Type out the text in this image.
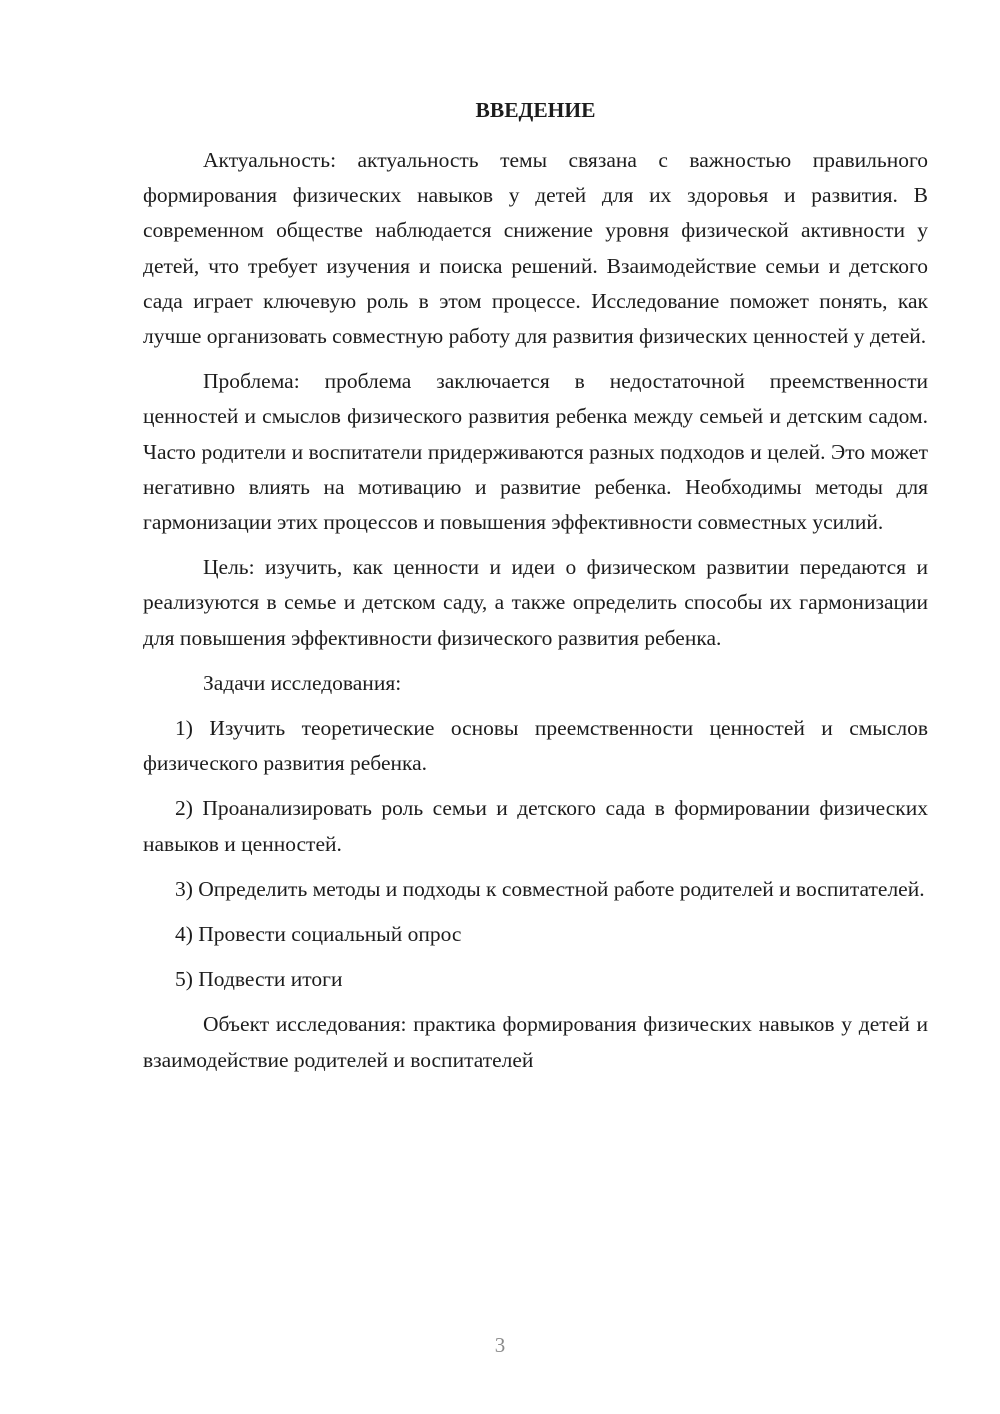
ВВЕДЕНИЕ

Актуальность: актуальность темы связана с важностью правильного формирования физических навыков у детей для их здоровья и развития. В современном обществе наблюдается снижение уровня физической активности у детей, что требует изучения и поиска решений. Взаимодействие семьи и детского сада играет ключевую роль в этом процессе. Исследование поможет понять, как лучше организовать совместную работу для развития физических ценностей у детей.

Проблема: проблема заключается в недостаточной преемственности ценностей и смыслов физического развития ребенка между семьей и детским садом. Часто родители и воспитатели придерживаются разных подходов и целей. Это может негативно влиять на мотивацию и развитие ребенка. Необходимы методы для гармонизации этих процессов и повышения эффективности совместных усилий.

Цель: изучить, как ценности и идеи о физическом развитии передаются и реализуются в семье и детском саду, а также определить способы их гармонизации для повышения эффективности физического развития ребенка.

Задачи исследования:

1) Изучить теоретические основы преемственности ценностей и смыслов физического развития ребенка.

2) Проанализировать роль семьи и детского сада в формировании физических навыков и ценностей.

3) Определить методы и подходы к совместной работе родителей и воспитателей.

4) Провести социальный опрос

5) Подвести итоги

Объект исследования: практика формирования физических навыков у детей и взаимодействие родителей и воспитателей

3
